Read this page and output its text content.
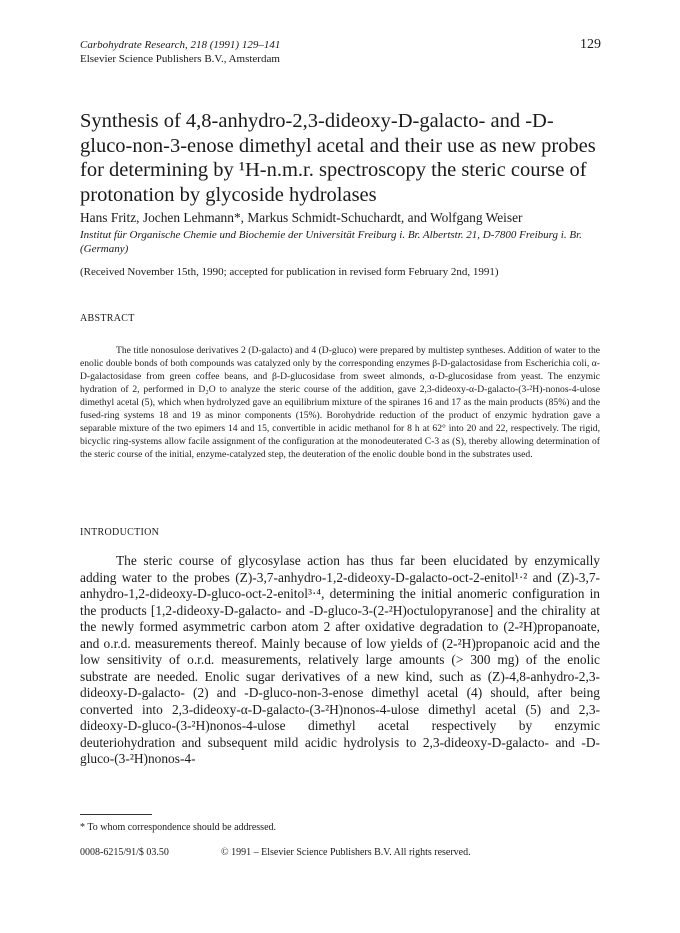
Carbohydrate Research, 218 (1991) 129–141
Elsevier Science Publishers B.V., Amsterdam
129
Synthesis of 4,8-anhydro-2,3-dideoxy-D-galacto- and -D-gluco-non-3-enose dimethyl acetal and their use as new probes for determining by ¹H-n.m.r. spectroscopy the steric course of protonation by glycoside hydrolases
Hans Fritz, Jochen Lehmann*, Markus Schmidt-Schuchardt, and Wolfgang Weiser
Institut für Organische Chemie und Biochemie der Universität Freiburg i. Br. Albertstr. 21, D-7800 Freiburg i. Br. (Germany)
(Received November 15th, 1990; accepted for publication in revised form February 2nd, 1991)
ABSTRACT
The title nonosulose derivatives 2 (D-galacto) and 4 (D-gluco) were prepared by multistep syntheses. Addition of water to the enolic double bonds of both compounds was catalyzed only by the corresponding enzymes β-D-galactosidase from Escherichia coli, α-D-galactosidase from green coffee beans, and β-D-glucosidase from sweet almonds, α-D-glucosidase from yeast. The enzymic hydration of 2, performed in D₂O to analyze the steric course of the addition, gave 2,3-dideoxy-α-D-galacto-(3-²H)-nonos-4-ulose dimethyl acetal (5), which when hydrolyzed gave an equilibrium mixture of the spiranes 16 and 17 as the main products (85%) and the fused-ring systems 18 and 19 as minor components (15%). Borohydride reduction of the product of enzymic hydration gave a separable mixture of the two epimers 14 and 15, convertible in acidic methanol for 8 h at 62° into 20 and 22, respectively. The rigid, bicyclic ring-systems allow facile assignment of the configuration at the monodeuterated C-3 as (S), thereby allowing determination of the steric course of the initial, enzyme-catalyzed step, the deuteration of the enolic double bond in the substrates used.
INTRODUCTION
The steric course of glycosylase action has thus far been elucidated by enzymically adding water to the probes (Z)-3,7-anhydro-1,2-dideoxy-D-galacto-oct-2-enitol¹·² and (Z)-3,7-anhydro-1,2-dideoxy-D-gluco-oct-2-enitol³·⁴, determining the initial anomeric configuration in the products [1,2-dideoxy-D-galacto- and -D-gluco-3-(2-²H)octulopyranose] and the chirality at the newly formed asymmetric carbon atom 2 after oxidative degradation to (2-²H)propanoate, and o.r.d. measurements thereof. Mainly because of low yields of (2-²H)propanoic acid and the low sensitivity of o.r.d. measurements, relatively large amounts (> 300 mg) of the enolic substrate are needed. Enolic sugar derivatives of a new kind, such as (Z)-4,8-anhydro-2,3-dideoxy-D-galacto- (2) and -D-gluco-non-3-enose dimethyl acetal (4) should, after being converted into 2,3-dideoxy-α-D-galacto-(3-²H)nonos-4-ulose dimethyl acetal (5) and 2,3-dideoxy-D-gluco-(3-²H)nonos-4-ulose dimethyl acetal respectively by enzymic deuteriohydration and subsequent mild acidic hydrolysis to 2,3-dideoxy-D-galacto- and -D-gluco-(3-²H)nonos-4-
* To whom correspondence should be addressed.
0008-6215/91/$ 03.50	© 1991 – Elsevier Science Publishers B.V. All rights reserved.
